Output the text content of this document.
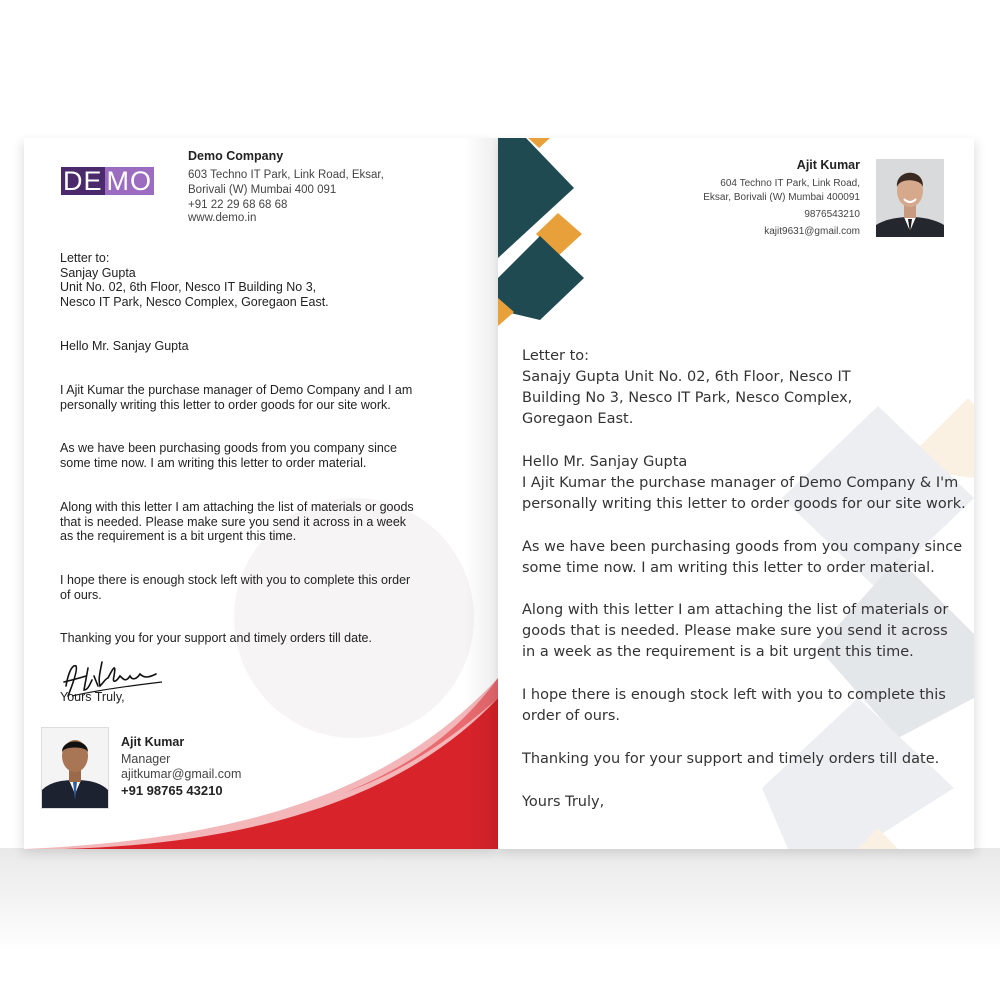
DE MO
Demo Company
603 Techno IT Park, Link Road, Eksar,
Borivali (W) Mumbai 400 091
+91 22 29 68 68 68
www.demo.in
Letter to:
Sanjay Gupta
Unit No. 02, 6th Floor, Nesco IT Building No 3,
Nesco IT Park, Nesco Complex, Goregaon East.
Hello Mr. Sanjay Gupta
I Ajit Kumar the purchase manager of Demo Company and I am
personally writing this letter to order goods for our site work.
As we have been purchasing goods from you company since
some time now. I am writing this letter to order material.
Along with this letter I am attaching the list of materials or goods
that is needed. Please make sure you send it across in a week
as the requirement is a bit urgent this time.
I hope there is enough stock left with you to complete this order
of ours.
Thanking you for your support and timely orders till date.
Yours Truly,
Ajit Kumar
Manager
ajitkumar@gmail.com
+91 98765 43210
Ajit Kumar
604 Techno IT Park, Link Road,
Eksar, Borivali (W) Mumbai 400091
9876543210
kajit9631@gmail.com
Letter to:
Sanajy Gupta Unit No. 02, 6th Floor, Nesco IT
Building No 3, Nesco IT Park, Nesco Complex,
Goregaon East.
Hello Mr. Sanjay Gupta
I Ajit Kumar the purchase manager of Demo Company & I'm
personally writing this letter to order goods for our site work.
As we have been purchasing goods from you company since
some time now. I am writing this letter to order material.
Along with this letter I am attaching the list of materials or
goods that is needed. Please make sure you send it across
in a week as the requirement is a bit urgent this time.
I hope there is enough stock left with you to complete this
order of ours.
Thanking you for your support and timely orders till date.
Yours Truly,
